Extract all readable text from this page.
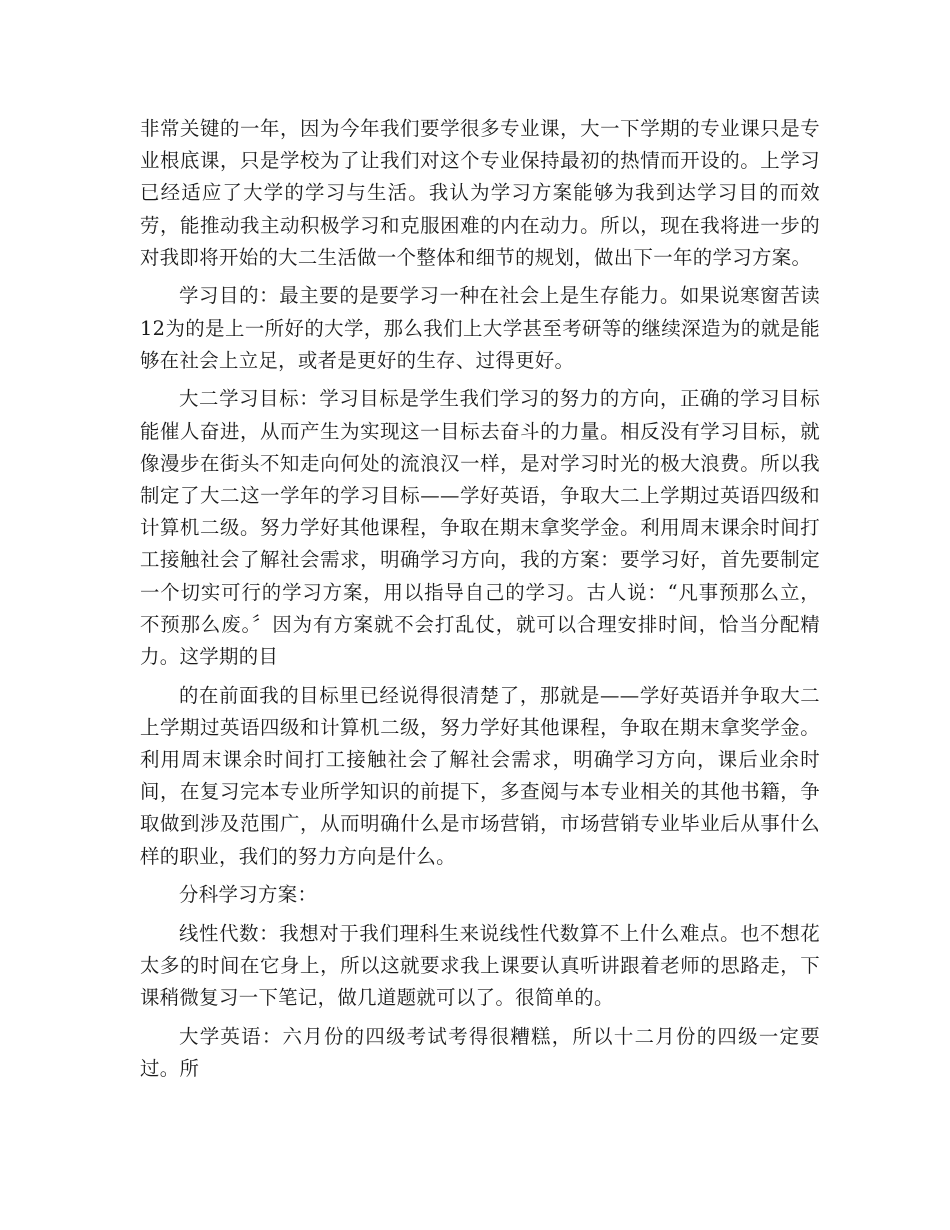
非常关键的一年，因为今年我们要学很多专业课，大一下学期的专业课只是专业根底课，只是学校为了让我们对这个专业保持最初的热情而开设的。上学习已经适应了大学的学习与生活。我认为学习方案能够为我到达学习目的而效劳，能推动我主动积极学习和克服困难的内在动力。所以，现在我将进一步的对我即将开始的大二生活做一个整体和细节的规划，做出下一年的学习方案。

学习目的：最主要的是要学习一种在社会上是生存能力。如果说寒窗苦读12为的是上一所好的大学，那么我们上大学甚至考研等的继续深造为的就是能够在社会上立足，或者是更好的生存、过得更好。

大二学习目标：学习目标是学生我们学习的努力的方向，正确的学习目标能催人奋进，从而产生为实现这一目标去奋斗的力量。相反没有学习目标，就像漫步在街头不知走向何处的流浪汉一样，是对学习时光的极大浪费。所以我制定了大二这一学年的学习目标——学好英语，争取大二上学期过英语四级和计算机二级。努力学好其他课程，争取在期末拿奖学金。利用周末课余时间打工接触社会了解社会需求，明确学习方向，我的方案：要学习好，首先要制定一个切实可行的学习方案，用以指导自己的学习。古人说：“凡事预那么立，不预那么废。〞因为有方案就不会打乱仗，就可以合理安排时间，恰当分配精力。这学期的目

的在前面我的目标里已经说得很清楚了，那就是——学好英语并争取大二上学期过英语四级和计算机二级，努力学好其他课程，争取在期末拿奖学金。利用周末课余时间打工接触社会了解社会需求，明确学习方向，课后业余时间，在复习完本专业所学知识的前提下，多查阅与本专业相关的其他书籍，争取做到涉及范围广，从而明确什么是市场营销，市场营销专业毕业后从事什么样的职业，我们的努力方向是什么。

分科学习方案：

线性代数：我想对于我们理科生来说线性代数算不上什么难点。也不想花太多的时间在它身上，所以这就要求我上课要认真听讲跟着老师的思路走，下课稍微复习一下笔记，做几道题就可以了。很简单的。

大学英语：六月份的四级考试考得很糟糕，所以十二月份的四级一定要过。所
